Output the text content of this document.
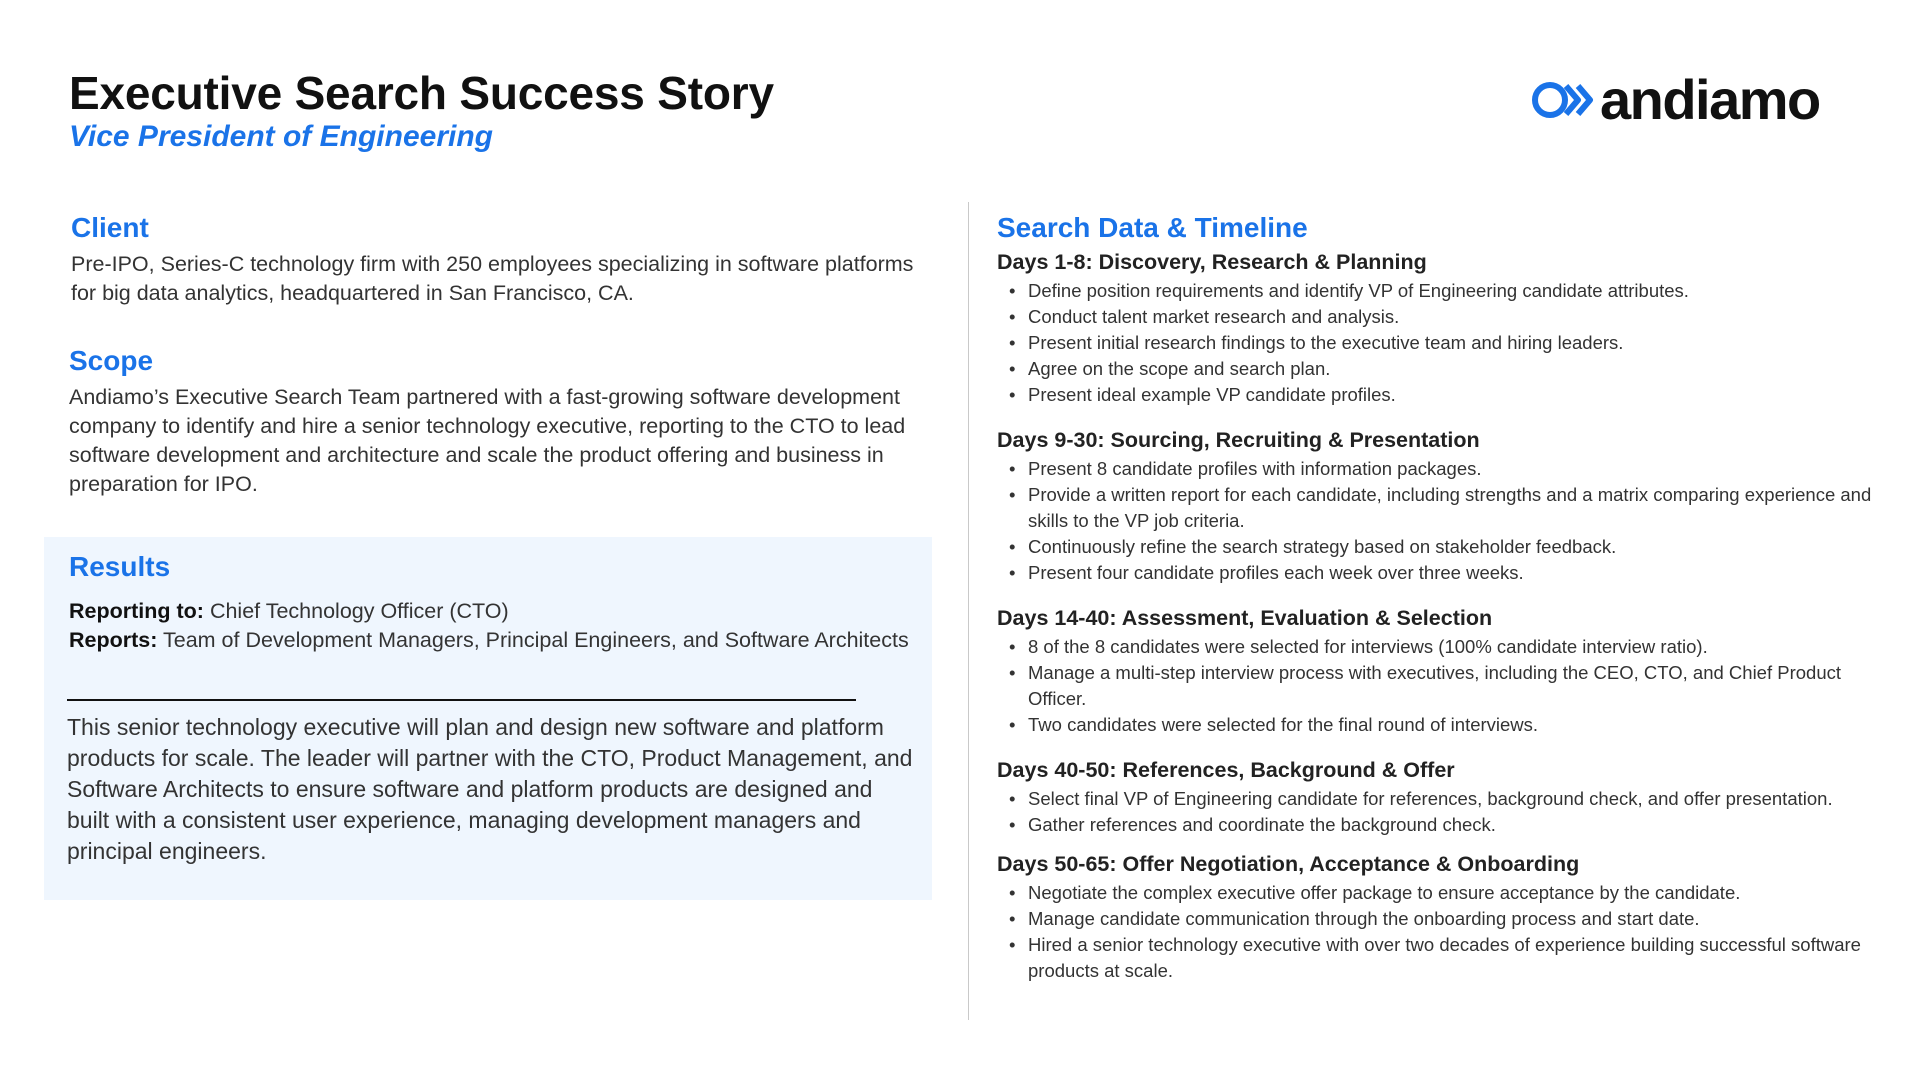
Executive Search Success Story
Vice President of Engineering
andiamo
Client
Pre-IPO, Series-C technology firm with 250 employees specializing in software platforms for big data analytics, headquartered in San Francisco, CA.
Scope
Andiamo’s Executive Search Team partnered with a fast-growing software development company to identify and hire a senior technology executive, reporting to the CTO to lead software development and architecture and scale the product offering and business in preparation for IPO.
Results
Reporting to: Chief Technology Officer (CTO)
Reports: Team of Development Managers, Principal Engineers, and Software Architects
This senior technology executive will plan and design new software and platform products for scale. The leader will partner with the CTO, Product Management, and Software Architects to ensure software and platform products are designed and built with a consistent user experience, managing development managers and principal engineers.
Search Data & Timeline
Days 1-8: Discovery, Research & Planning
• Define position requirements and identify VP of Engineering candidate attributes.
• Conduct talent market research and analysis.
• Present initial research findings to the executive team and hiring leaders.
• Agree on the scope and search plan.
• Present ideal example VP candidate profiles.
Days 9-30: Sourcing, Recruiting & Presentation
• Present 8 candidate profiles with information packages.
• Provide a written report for each candidate, including strengths and a matrix comparing experience and skills to the VP job criteria.
• Continuously refine the search strategy based on stakeholder feedback.
• Present four candidate profiles each week over three weeks.
Days 14-40: Assessment, Evaluation & Selection
• 8 of the 8 candidates were selected for interviews (100% candidate interview ratio).
• Manage a multi-step interview process with executives, including the CEO, CTO, and Chief Product Officer.
• Two candidates were selected for the final round of interviews.
Days 40-50: References, Background & Offer
• Select final VP of Engineering candidate for references, background check, and offer presentation.
• Gather references and coordinate the background check.
Days 50-65: Offer Negotiation, Acceptance & Onboarding
• Negotiate the complex executive offer package to ensure acceptance by the candidate.
• Manage candidate communication through the onboarding process and start date.
• Hired a senior technology executive with over two decades of experience building successful software products at scale.
